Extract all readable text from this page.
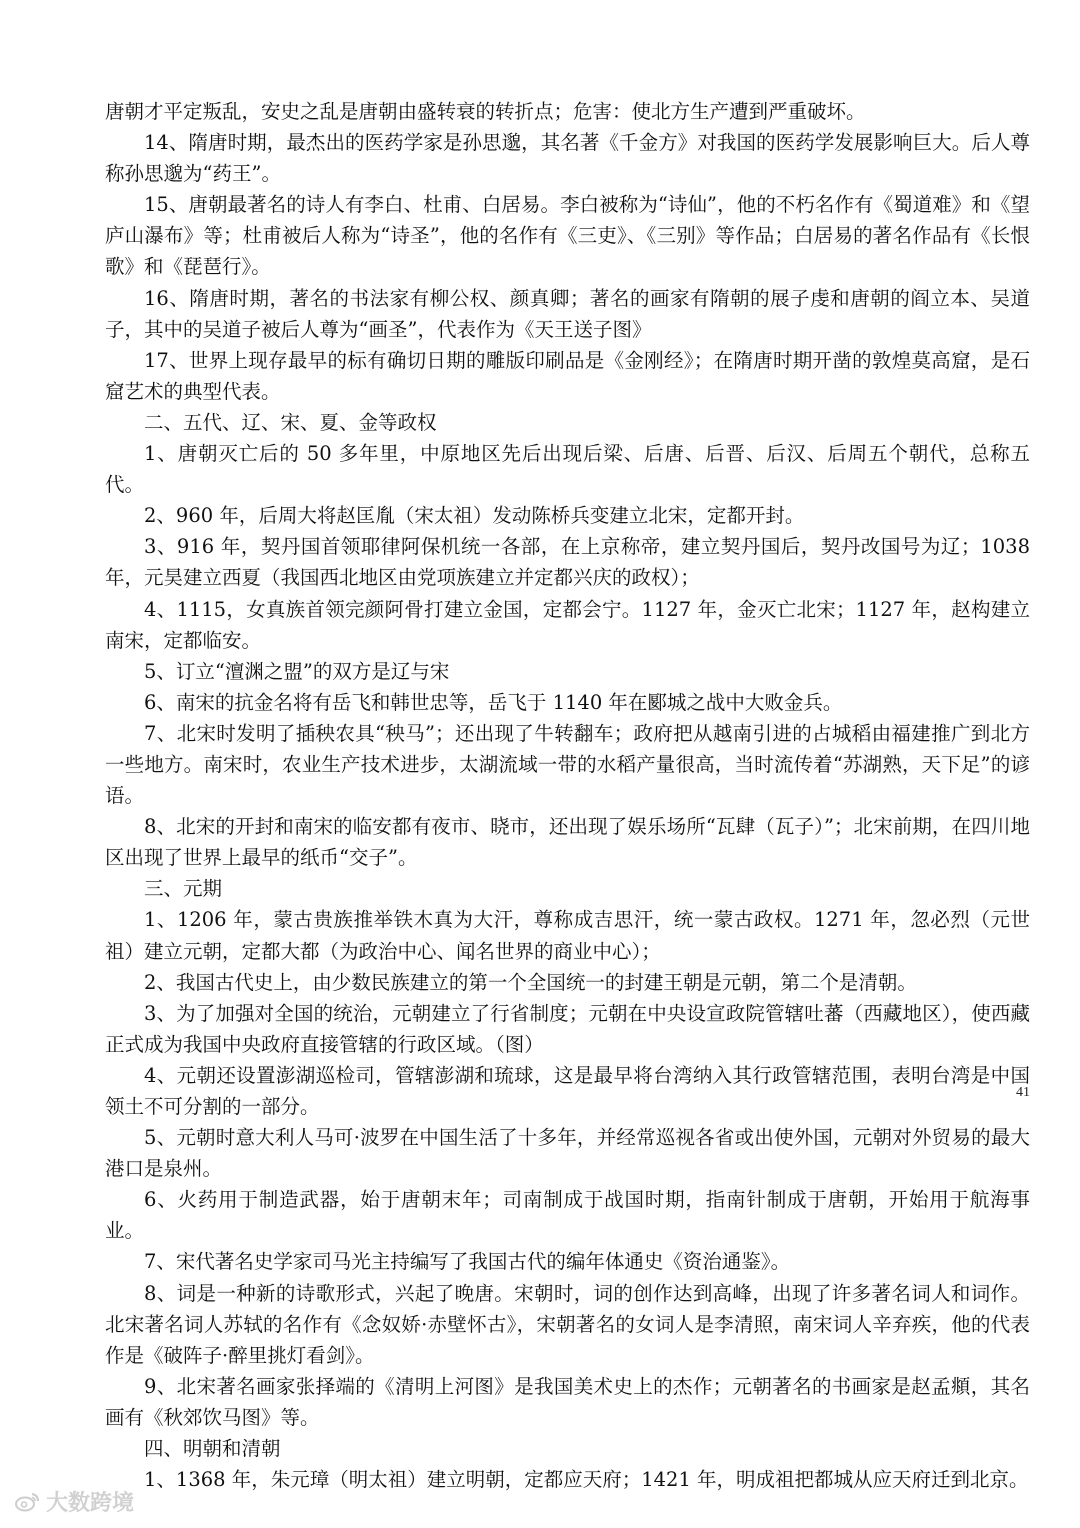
唐朝才平定叛乱，安史之乱是唐朝由盛转衰的转折点；危害：使北方生产遭到严重破坏。

14、隋唐时期，最杰出的医药学家是孙思邈，其名著《千金方》对我国的医药学发展影响巨大。后人尊称孙思邈为“药王”。

15、唐朝最著名的诗人有李白、杜甫、白居易。李白被称为“诗仙”，他的不朽名作有《蜀道难》和《望庐山瀑布》等；杜甫被后人称为“诗圣”，他的名作有《三吏》、《三别》等作品；白居易的著名作品有《长恨歌》和《琵琶行》。

16、隋唐时期，著名的书法家有柳公权、颜真卿；著名的画家有隋朝的展子虔和唐朝的阎立本、吴道子，其中的吴道子被后人尊为“画圣”，代表作为《天王送子图》

17、世界上现存最早的标有确切日期的雕版印刷品是《金刚经》；在隋唐时期开凿的敦煌莫高窟，是石窟艺术的典型代表。

二、五代、辽、宋、夏、金等政权

1、唐朝灭亡后的 50 多年里，中原地区先后出现后梁、后唐、后晋、后汉、后周五个朝代，总称五代。

2、960 年，后周大将赵匡胤（宋太祖）发动陈桥兵变建立北宋，定都开封。

3、916 年，契丹国首领耶律阿保机统一各部，在上京称帝，建立契丹国后，契丹改国号为辽；1038 年，元昊建立西夏（我国西北地区由党项族建立并定都兴庆的政权）；

4、1115，女真族首领完颜阿骨打建立金国，定都会宁。1127 年，金灭亡北宋；1127 年，赵构建立南宋，定都临安。

5、订立“澶渊之盟”的双方是辽与宋

6、南宋的抗金名将有岳飞和韩世忠等，岳飞于 1140 年在郾城之战中大败金兵。

7、北宋时发明了插秧农具“秧马”；还出现了牛转翻车；政府把从越南引进的占城稻由福建推广到北方一些地方。南宋时，农业生产技术进步，太湖流域一带的水稻产量很高，当时流传着“苏湖熟，天下足”的谚语。

8、北宋的开封和南宋的临安都有夜市、晓市，还出现了娱乐场所“瓦肆（瓦子）”；北宋前期，在四川地区出现了世界上最早的纸币“交子”。

三、元期

1、1206 年，蒙古贵族推举铁木真为大汗，尊称成吉思汗，统一蒙古政权。1271 年，忽必烈（元世祖）建立元朝，定都大都（为政治中心、闻名世界的商业中心）；

2、我国古代史上，由少数民族建立的第一个全国统一的封建王朝是元朝，第二个是清朝。

3、为了加强对全国的统治，元朝建立了行省制度；元朝在中央设宣政院管辖吐蕃（西藏地区），使西藏正式成为我国中央政府直接管辖的行政区域。（图）

4、元朝还设置澎湖巡检司，管辖澎湖和琉球，这是最早将台湾纳入其行政管辖范围，表明台湾是中国领土不可分割的一部分。

5、元朝时意大利人马可·波罗在中国生活了十多年，并经常巡视各省或出使外国，元朝对外贸易的最大港口是泉州。

6、火药用于制造武器，始于唐朝末年；司南制成于战国时期，指南针制成于唐朝，开始用于航海事业。

7、宋代著名史学家司马光主持编写了我国古代的编年体通史《资治通鉴》。

8、词是一种新的诗歌形式，兴起了晚唐。宋朝时，词的创作达到高峰，出现了许多著名词人和词作。北宋著名词人苏轼的名作有《念奴娇·赤壁怀古》，宋朝著名的女词人是李清照，南宋词人辛弃疾，他的代表作是《破阵子·醉里挑灯看剑》。

9、北宋著名画家张择端的《清明上河图》是我国美术史上的杰作；元朝著名的书画家是赵孟頫，其名画有《秋郊饮马图》等。

四、明朝和清朝

1、1368 年，朱元璋（明太祖）建立明朝，定都应天府；1421 年，明成祖把都城从应天府迁到北京。

41
大数跨境
